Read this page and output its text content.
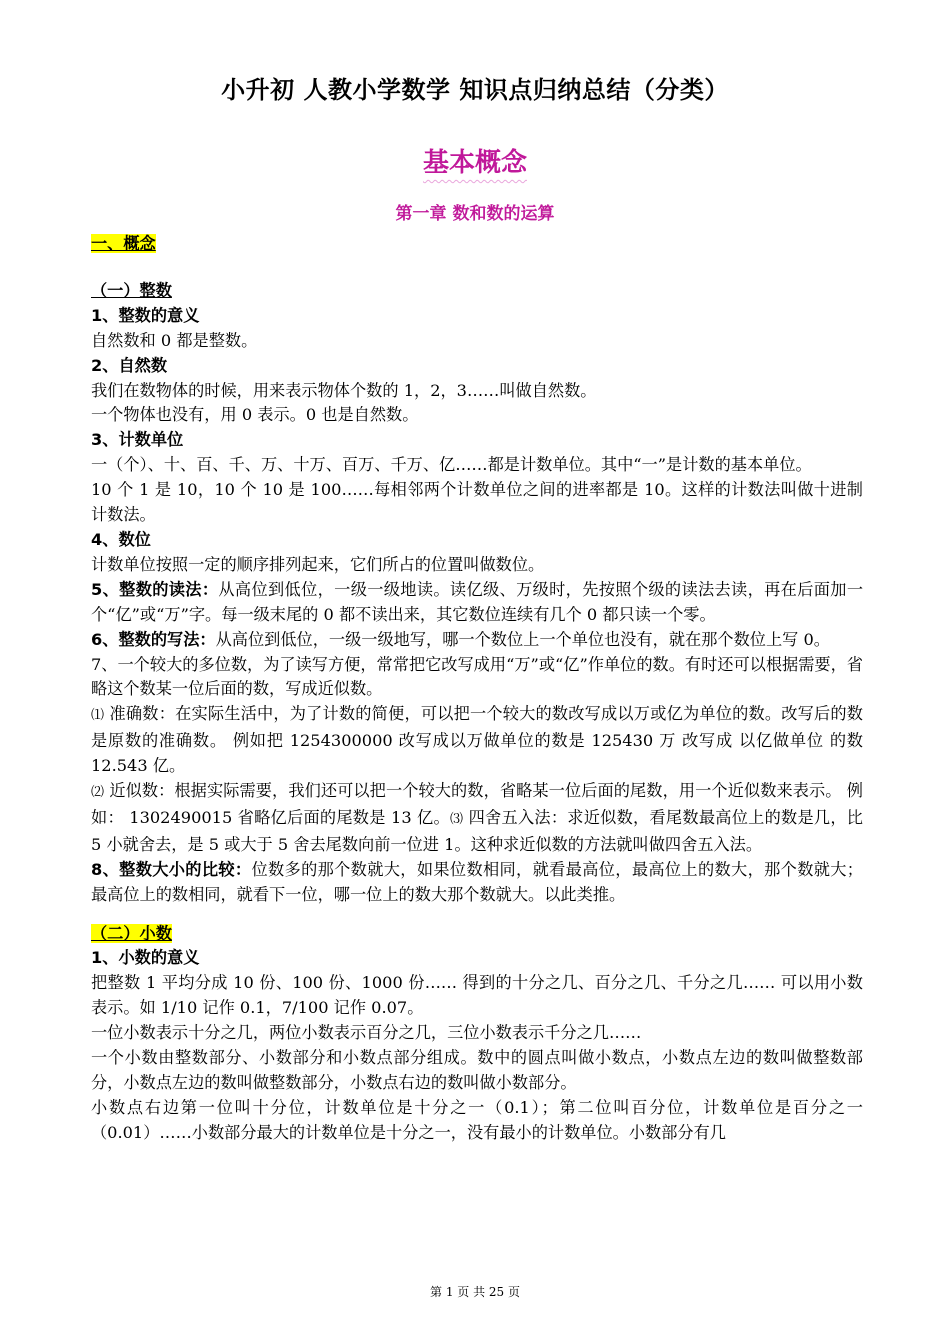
小升初 人教小学数学 知识点归纳总结（分类）
基本概念
第一章 数和数的运算

一、概念

（一）整数

1、整数的意义

自然数和 0 都是整数。

2、自然数

我们在数物体的时候，用来表示物体个数的 1，2，3……叫做自然数。

一个物体也没有，用 0 表示。0 也是自然数。

3、计数单位

一（个）、十、百、千、万、十万、百万、千万、亿……都是计数单位。其中“一”是计数的基本单位。

10 个 1 是 10，10 个 10 是 100……每相邻两个计数单位之间的进率都是 10。这样的计数法叫做十进制计数法。

4、数位

计数单位按照一定的顺序排列起来，它们所占的位置叫做数位。

5、整数的读法：从高位到低位，一级一级地读。读亿级、万级时，先按照个级的读法去读，再在后面加一个“亿”或“万”字。每一级末尾的 0 都不读出来，其它数位连续有几个 0 都只读一个零。

6、整数的写法：从高位到低位，一级一级地写，哪一个数位上一个单位也没有，就在那个数位上写 0。

7、一个较大的多位数，为了读写方便，常常把它改写成用“万”或“亿”作单位的数。有时还可以根据需要，省略这个数某一位后面的数，写成近似数。

⑴ 准确数：在实际生活中，为了计数的简便，可以把一个较大的数改写成以万或亿为单位的数。改写后的数是原数的准确数。 例如把 1254300000 改写成以万做单位的数是 125430 万 改写成 以亿做单位 的数 12.543 亿。

⑵ 近似数：根据实际需要，我们还可以把一个较大的数，省略某一位后面的尾数，用一个近似数来表示。 例如： 1302490015 省略亿后面的尾数是 13 亿。⑶ 四舍五入法：求近似数，看尾数最高位上的数是几，比 5 小就舍去，是 5 或大于 5 舍去尾数向前一位进 1。这种求近似数的方法就叫做四舍五入法。

8、整数大小的比较：位数多的那个数就大，如果位数相同，就看最高位，最高位上的数大，那个数就大；最高位上的数相同，就看下一位，哪一位上的数大那个数就大。以此类推。

（二）小数

1、小数的意义

把整数 1 平均分成 10 份、100 份、1000 份…… 得到的十分之几、百分之几、千分之几…… 可以用小数表示。如 1/10 记作 0.1，7/100 记作 0.07。

一位小数表示十分之几，两位小数表示百分之几，三位小数表示千分之几……

一个小数由整数部分、小数部分和小数点部分组成。数中的圆点叫做小数点，小数点左边的数叫做整数部分，小数点左边的数叫做整数部分，小数点右边的数叫做小数部分。

小数点右边第一位叫十分位，计数单位是十分之一（0.1）；第二位叫百分位，计数单位是百分之一（0.01）……小数部分最大的计数单位是十分之一，没有最小的计数单位。小数部分有几

第 1 页 共 25 页
